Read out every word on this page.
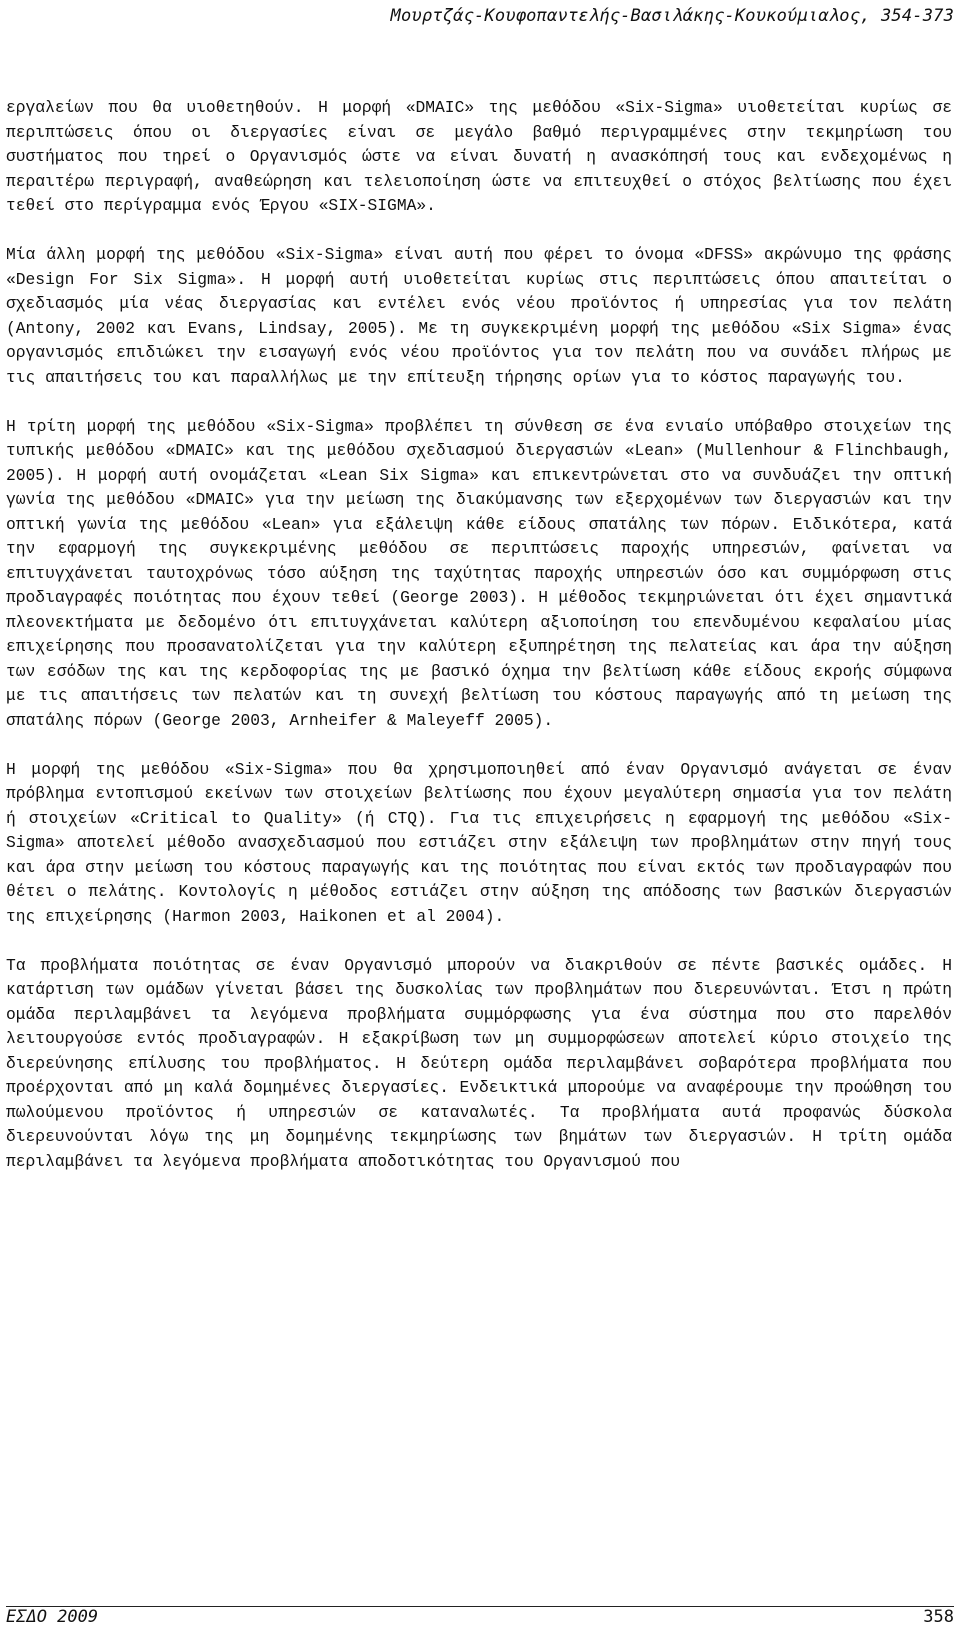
Μουρτζάς-Κουφοπαντελής-Βασιλάκης-Κουκούμιαλος, 354-373

εργαλείων που θα υιοθετηθούν. Η μορφή «DMAIC» της μεθόδου «Six-Sigma» υιοθετείται κυρίως σε περιπτώσεις όπου οι διεργασίες είναι σε μεγάλο βαθμό περιγραμμένες στην τεκμηρίωση του συστήματος που τηρεί ο Οργανισμός ώστε να είναι δυνατή η ανασκόπησή τους και ενδεχομένως η περαιτέρω περιγραφή, αναθεώρηση και τελειοποίηση ώστε να επιτευχθεί ο στόχος βελτίωσης που έχει τεθεί στο περίγραμμα ενός Έργου «SIX-SIGMA».

Μία άλλη μορφή της μεθόδου «Six-Sigma» είναι αυτή που φέρει το όνομα «DFSS» ακρώνυμο της φράσης «Design For Six Sigma». Η μορφή αυτή υιοθετείται κυρίως στις περιπτώσεις όπου απαιτείται ο σχεδιασμός μία νέας διεργασίας και εντέλει ενός νέου προϊόντος ή υπηρεσίας για τον πελάτη (Antony, 2002 και Evans, Lindsay, 2005). Με τη συγκεκριμένη μορφή της μεθόδου «Six Sigma» ένας οργανισμός επιδιώκει την εισαγωγή ενός νέου προϊόντος για τον πελάτη που να συνάδει πλήρως με τις απαιτήσεις του και παραλλήλως με την επίτευξη τήρησης ορίων για το κόστος παραγωγής του.

Η τρίτη μορφή της μεθόδου «Six-Sigma» προβλέπει τη σύνθεση σε ένα ενιαίο υπόβαθρο στοιχείων της τυπικής μεθόδου «DMAIC» και της μεθόδου σχεδιασμού διεργασιών «Lean» (Mullenhour & Flinchbaugh, 2005). Η μορφή αυτή ονομάζεται «Lean Six Sigma» και επικεντρώνεται στο να συνδυάζει την οπτική γωνία της μεθόδου «DMAIC» για την μείωση της διακύμανσης των εξερχομένων των διεργασιών και την οπτική γωνία της μεθόδου «Lean» για εξάλειψη κάθε είδους σπατάλης των πόρων. Ειδικότερα, κατά την εφαρμογή της συγκεκριμένης μεθόδου σε περιπτώσεις παροχής υπηρεσιών, φαίνεται να επιτυγχάνεται ταυτοχρόνως τόσο αύξηση της ταχύτητας παροχής υπηρεσιών όσο και συμμόρφωση στις προδιαγραφές ποιότητας που έχουν τεθεί (George 2003). Η μέθοδος τεκμηριώνεται ότι έχει σημαντικά πλεονεκτήματα με δεδομένο ότι επιτυγχάνεται καλύτερη αξιοποίηση του επενδυμένου κεφαλαίου μίας επιχείρησης που προσανατολίζεται για την καλύτερη εξυπηρέτηση της πελατείας και άρα την αύξηση των εσόδων της και της κερδοφορίας της με βασικό όχημα την βελτίωση κάθε είδους εκροής σύμφωνα με τις απαιτήσεις των πελατών και τη συνεχή βελτίωση του κόστους παραγωγής από τη μείωση της σπατάλης πόρων (George 2003, Arnheifer & Maleyeff 2005).

Η μορφή της μεθόδου «Six-Sigma» που θα χρησιμοποιηθεί από έναν Οργανισμό ανάγεται σε έναν πρόβλημα εντοπισμού εκείνων των στοιχείων βελτίωσης που έχουν μεγαλύτερη σημασία για τον πελάτη ή στοιχείων «Critical to Quality» (ή CTQ). Για τις επιχειρήσεις η εφαρμογή της μεθόδου «Six-Sigma» αποτελεί μέθοδο ανασχεδιασμού που εστιάζει στην εξάλειψη των προβλημάτων στην πηγή τους και άρα στην μείωση του κόστους παραγωγής και της ποιότητας που είναι εκτός των προδιαγραφών που θέτει ο πελάτης. Κοντολογίς η μέθοδος εστιάζει στην αύξηση της απόδοσης των βασικών διεργασιών της επιχείρησης (Harmon 2003, Haikonen et al 2004).

Τα προβλήματα ποιότητας σε έναν Οργανισμό μπορούν να διακριθούν σε πέντε βασικές ομάδες. Η κατάρτιση των ομάδων γίνεται βάσει της δυσκολίας των προβλημάτων που διερευνώνται. Έτσι η πρώτη ομάδα περιλαμβάνει τα λεγόμενα προβλήματα συμμόρφωσης για ένα σύστημα που στο παρελθόν λειτουργούσε εντός προδιαγραφών. Η εξακρίβωση των μη συμμορφώσεων αποτελεί κύριο στοιχείο της διερεύνησης επίλυσης του προβλήματος. Η δεύτερη ομάδα περιλαμβάνει σοβαρότερα προβλήματα που προέρχονται από μη καλά δομημένες διεργασίες. Ενδεικτικά μπορούμε να αναφέρουμε την προώθηση του πωλούμενου προϊόντος ή υπηρεσιών σε καταναλωτές. Τα προβλήματα αυτά προφανώς δύσκολα διερευνούνται λόγω της μη δομημένης τεκμηρίωσης των βημάτων των διεργασιών. Η τρίτη ομάδα περιλαμβάνει τα λεγόμενα προβλήματα αποδοτικότητας του Οργανισμού που

ΕΣΔΟ 2009	358
